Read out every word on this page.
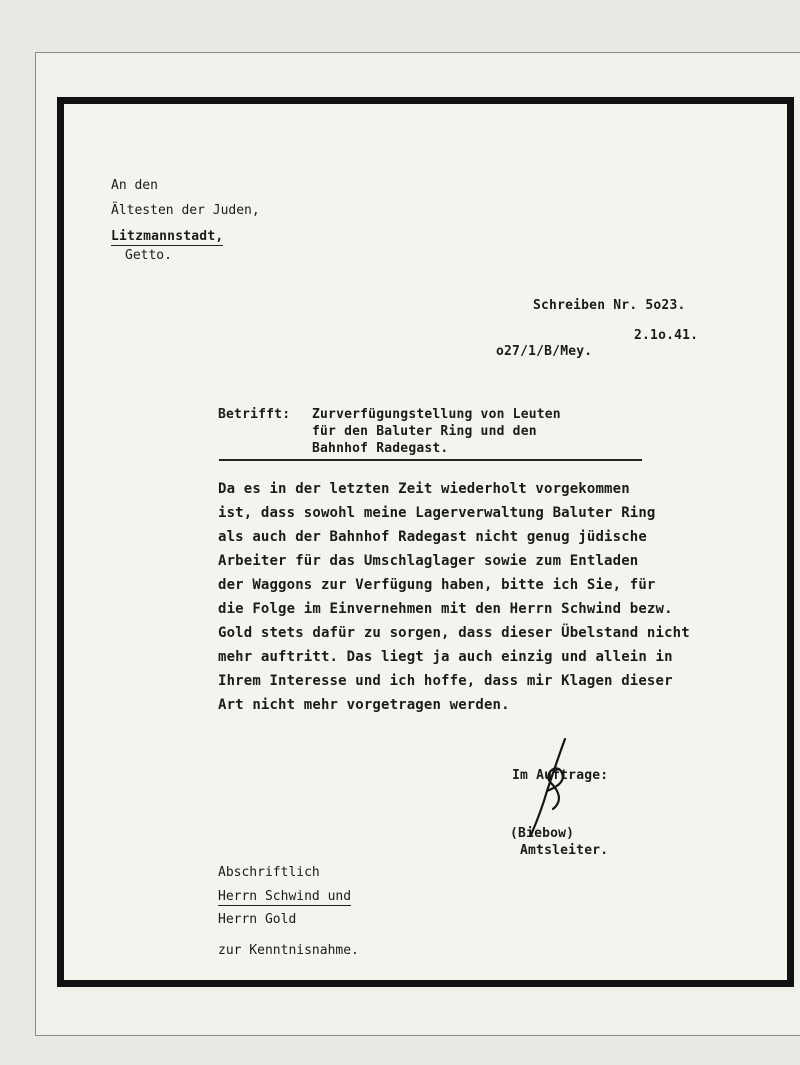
An den
Ältesten der Juden,
Litzmannstadt,
Getto.
Schreiben Nr. 5o23.
2.1o.41.
o27/1/B/Mey.
Betrifft: Zurverfügungstellung von Leuten
für den Baluter Ring und den
Bahnhof Radegast.
Da es in der letzten Zeit wiederholt vorgekommen
ist, dass sowohl meine Lagerverwaltung Baluter Ring
als auch der Bahnhof Radegast nicht genug jüdische
Arbeiter für das Umschlaglager sowie zum Entladen
der Waggons zur Verfügung haben, bitte ich Sie, für
die Folge im Einvernehmen mit den Herrn Schwind bezw.
Gold stets dafür zu sorgen, dass dieser Übelstand nicht
mehr auftritt. Das liegt ja auch einzig und allein in
Ihrem Interesse und ich hoffe, dass mir Klagen dieser
Art nicht mehr vorgetragen werden.
Im Auftrage:
(Biebow)
Amtsleiter.
Abschriftlich
Herrn Schwind und
Herrn Gold
zur Kenntnisnahme.
